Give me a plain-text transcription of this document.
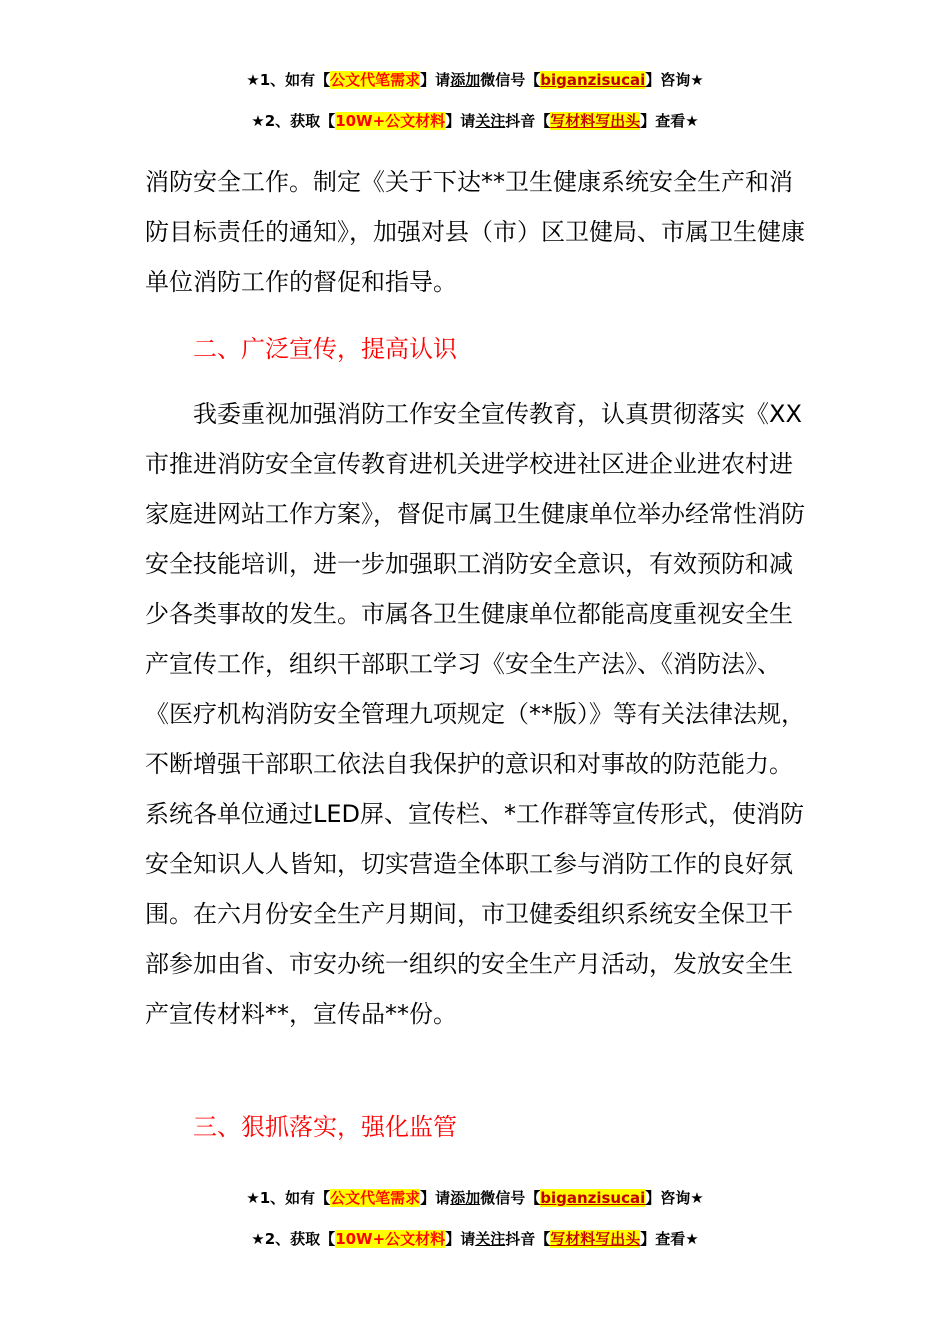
★1、如有【公文代笔需求】请添加微信号【biganzisucai】咨询★
★2、获取【10W+公文材料】请关注抖音【写材料写出头】查看★

消防安全工作。制定《关于下达**卫生健康系统安全生产和消防目标责任的通知》，加强对县（市）区卫健局、市属卫生健康单位消防工作的督促和指导。

二、广泛宣传，提高认识

我委重视加强消防工作安全宣传教育，认真贯彻落实《XX市推进消防安全宣传教育进机关进学校进社区进企业进农村进家庭进网站工作方案》，督促市属卫生健康单位举办经常性消防安全技能培训，进一步加强职工消防安全意识，有效预防和减少各类事故的发生。市属各卫生健康单位都能高度重视安全生产宣传工作，组织干部职工学习《安全生产法》、《消防法》、《医疗机构消防安全管理九项规定（**版）》等有关法律法规，不断增强干部职工依法自我保护的意识和对事故的防范能力。系统各单位通过LED屏、宣传栏、*工作群等宣传形式，使消防安全知识人人皆知，切实营造全体职工参与消防工作的良好氛围。在六月份安全生产月期间，市卫健委组织系统安全保卫干部参加由省、市安办统一组织的安全生产月活动，发放安全生产宣传材料**，宣传品**份。

三、狠抓落实，强化监管

★1、如有【公文代笔需求】请添加微信号【biganzisucai】咨询★
★2、获取【10W+公文材料】请关注抖音【写材料写出头】查看★
